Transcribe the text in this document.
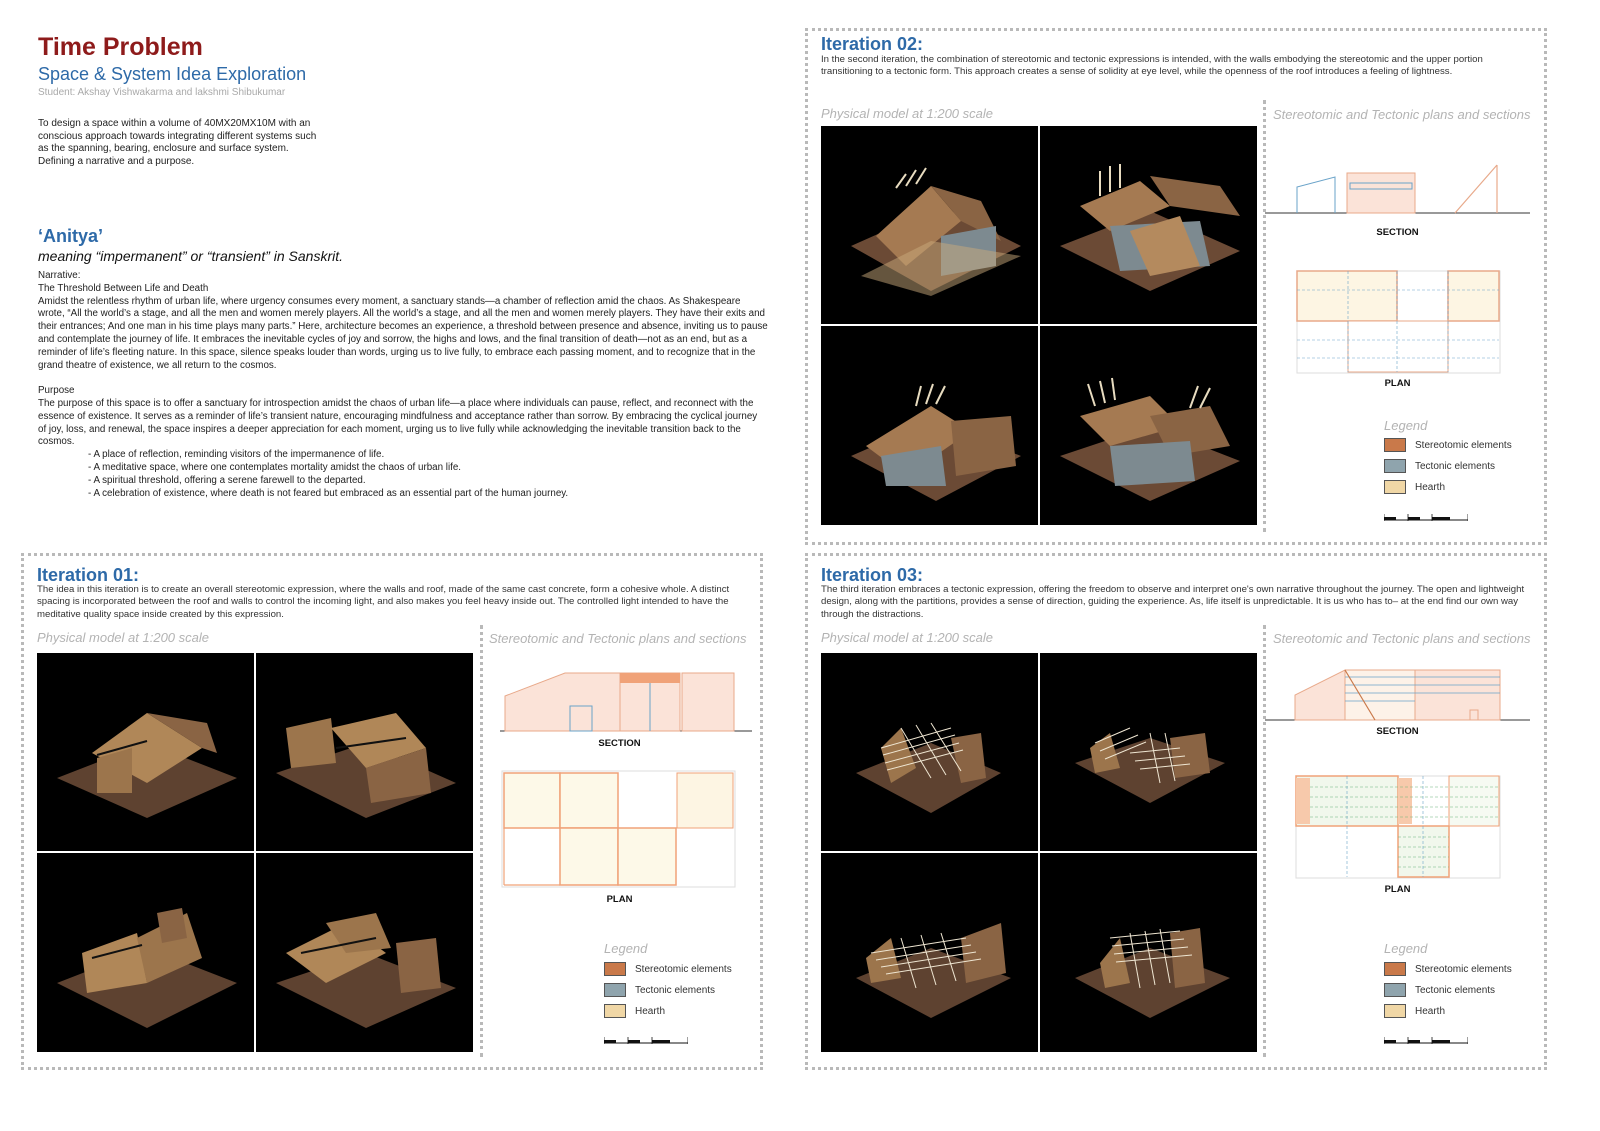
Time Problem
Space & System Idea Exploration
Student: Akshay Vishwakarma and lakshmi Shibukumar
To design a space within a volume of 40MX20MX10M with an conscious approach towards integrating different systems such as the spanning, bearing, enclosure and surface system. Defining a narrative and a purpose.
‘Anitya’
meaning “impermanent” or “transient” in Sanskrit.

Narrative:

The Threshold Between Life and Death

Amidst the relentless rhythm of urban life, where urgency consumes every moment, a sanctuary stands—a chamber of reflection amid the chaos. As Shakespeare wrote, “All the world’s a stage, and all the men and women merely players. All the world’s a stage, and all the men and women merely players. They have their exits and their entrances; And one man in his time plays many parts.” Here, architecture becomes an experience, a threshold between presence and absence, inviting us to pause and contemplate the journey of life. It embraces the inevitable cycles of joy and sorrow, the highs and lows, and the final transition of death—not as an end, but as a reminder of life’s fleeting nature. In this space, silence speaks louder than words, urging us to live fully, to embrace each passing moment, and to recognize that in the grand theatre of existence, we all return to the cosmos.

Purpose

The purpose of this space is to offer a sanctuary for introspection amidst the chaos of urban life—a place where individuals can pause, reflect, and reconnect with the essence of existence. It serves as a reminder of life’s transient nature, encouraging mindfulness and acceptance rather than sorrow. By embracing the cyclical journey of joy, loss, and renewal, the space inspires a deeper appreciation for each moment, urging us to live fully while acknowledging the inevitable transition back to the cosmos.

- A place of reflection, reminding visitors of the impermanence of life.

- A meditative space, where one contemplates mortality amidst the chaos of urban life.

- A spiritual threshold, offering a serene farewell to the departed.

- A celebration of existence, where death is not feared but embraced as an essential part of the human journey.

Iteration 02:
In the second iteration, the combination of stereotomic and tectonic expressions is intended, with the walls embodying the stereotomic and the upper portion transitioning to a tectonic form. This approach creates a sense of solidity at eye level, while the openness of the roof introduces a feeling of lightness.
Physical model at 1:200 scale	Stereotomic and Tectonic plans and sections
SECTION
PLAN
Legend
Stereotomic elements
Tectonic elements
Hearth
Iteration 01:
The idea in this iteration is to create an overall stereotomic expression, where the walls and roof, made of the same cast concrete, form a cohesive whole. A distinct spacing is incorporated between the roof and walls to control the incoming light, and also makes you feel heavy inside out. The controlled light intended to have the meditative quality space inside created by this expression.
Physical model at 1:200 scale	Stereotomic and Tectonic plans and sections
SECTION
PLAN
Legend
Stereotomic elements
Tectonic elements
Hearth
Iteration 03:
The third iteration embraces a tectonic expression, offering the freedom to observe and interpret one's own narrative throughout the journey. The open and lightweight design, along with the partitions, provides a sense of direction, guiding the experience. As, life itself is unpredictable. It is us who has to– at the end find our own way through the distractions.
Physical model at 1:200 scale	Stereotomic and Tectonic plans and sections
SECTION
PLAN
Legend
Stereotomic elements
Tectonic elements
Hearth
